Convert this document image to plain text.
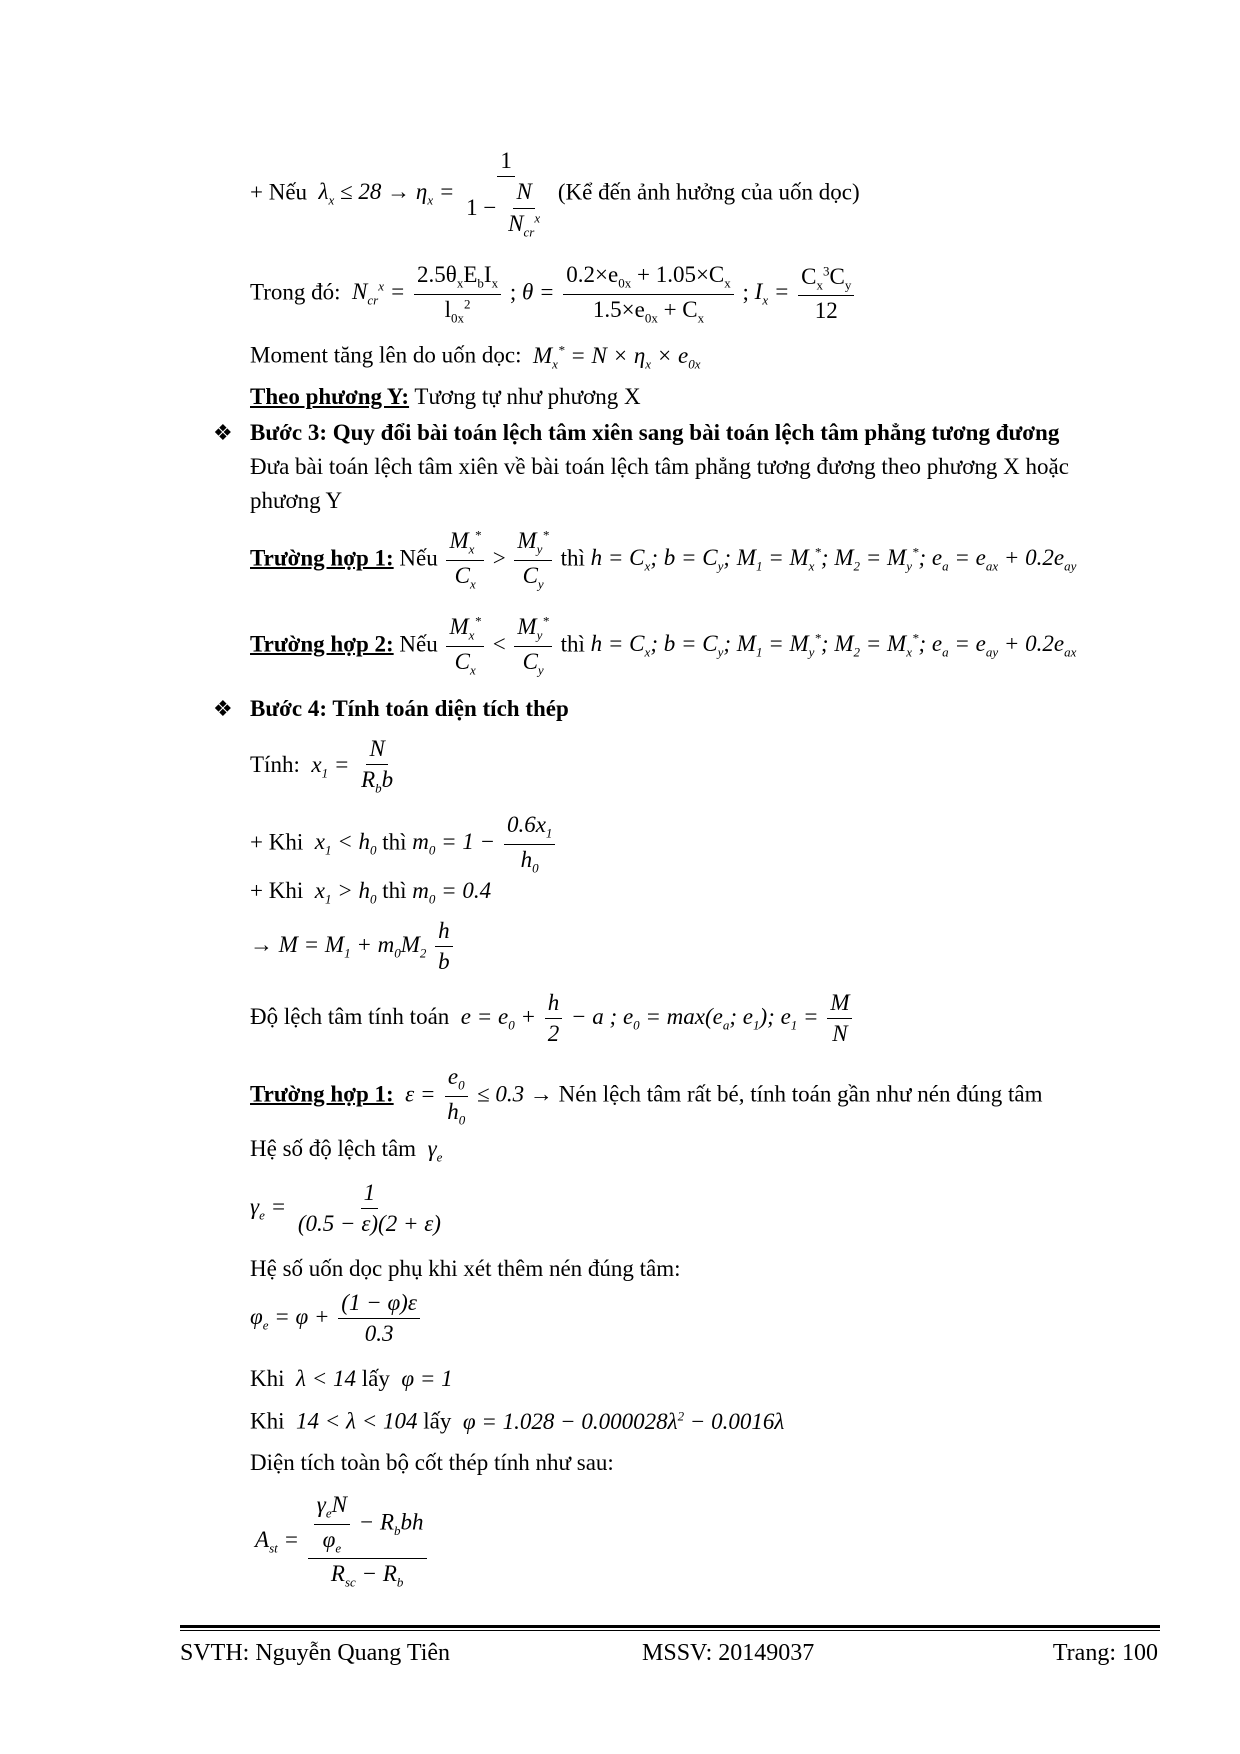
+ Nếu  $\lambda_x \le 28 \to \eta_x = \frac{1}{1 - \frac{N}{N_{cr}^x}}$ (Kể đến ảnh hưởng của uốn dọc)
Trong đó:  $N_{cr}^x = \frac{2.5\theta_xE_bI_x}{l_{0x}^2}$ ; $\theta = \frac{0.2\times e_{0x} + 1.05\times C_x}{1.5\times e_{0x} + C_x}$ ; $I_x = \frac{C_x^3C_y}{12}$
Moment tăng lên do uốn dọc:  $M_x^* = N \times \eta_x \times e_{0x}$
Theo phương Y: Tương tự như phương X
❖ Bước 3: Quy đổi bài toán lệch tâm xiên sang bài toán lệch tâm phẳng tương đương
Đưa bài toán lệch tâm xiên về bài toán lệch tâm phẳng tương đương theo phương X hoặc
phương Y
Trường hợp 1: Nếu $\frac{M_x^*}{C_x} > \frac{M_y^*}{C_y}$ thì $h = C_x$; $b = C_y$; $M_1 = M_x^*$; $M_2 = M_y^*$; $e_a = e_{ax} + 0.2e_{ay}$
Trường hợp 2: Nếu $\frac{M_x^*}{C_x} < \frac{M_y^*}{C_y}$ thì $h = C_x$; $b = C_y$; $M_1 = M_y^*$; $M_2 = M_x^*$; $e_a = e_{ay} + 0.2e_{ax}$
❖ Bước 4: Tính toán diện tích thép
Tính:  $x_1 = \frac{N}{R_bb}$
+ Khi  $x_1 < h_0$ thì $m_0 = 1 - \frac{0.6x_1}{h_0}$
+ Khi  $x_1 > h_0$ thì $m_0 = 0.4$
→ $M = M_1 + m_0M_2 \frac{h}{b}$
Độ lệch tâm tính toán  $e = e_0 + \frac{h}{2} - a$ ; $e_0 = \max(e_a$; $e_1$); $e_1 = \frac{M}{N}$
Trường hợp 1:  $\varepsilon = \frac{e_0}{h_0} \le 0.3$ → Nén lệch tâm rất bé, tính toán gần như nén đúng tâm
Hệ số độ lệch tâm  $\gamma_e$
$\gamma_e = \frac{1}{(0.5 - \varepsilon)(2 + \varepsilon)}$
Hệ số uốn dọc phụ khi xét thêm nén đúng tâm:
$\varphi_e = \varphi + \frac{(1 - \varphi)\varepsilon}{0.3}$
Khi  λ < 14 lấy  φ = 1
Khi  14 < λ < 104 lấy  $\varphi = 1.028 - 0.000028\lambda^2 - 0.0016\lambda$
Diện tích toàn bộ cốt thép tính như sau:
$A_{st} = \frac{\frac{\gamma_eN}{\varphi_e} - R_bbh}{R_{sc} - R_b}$
SVTH: Nguyễn Quang Tiên	MSSV: 20149037	Trang: 100
